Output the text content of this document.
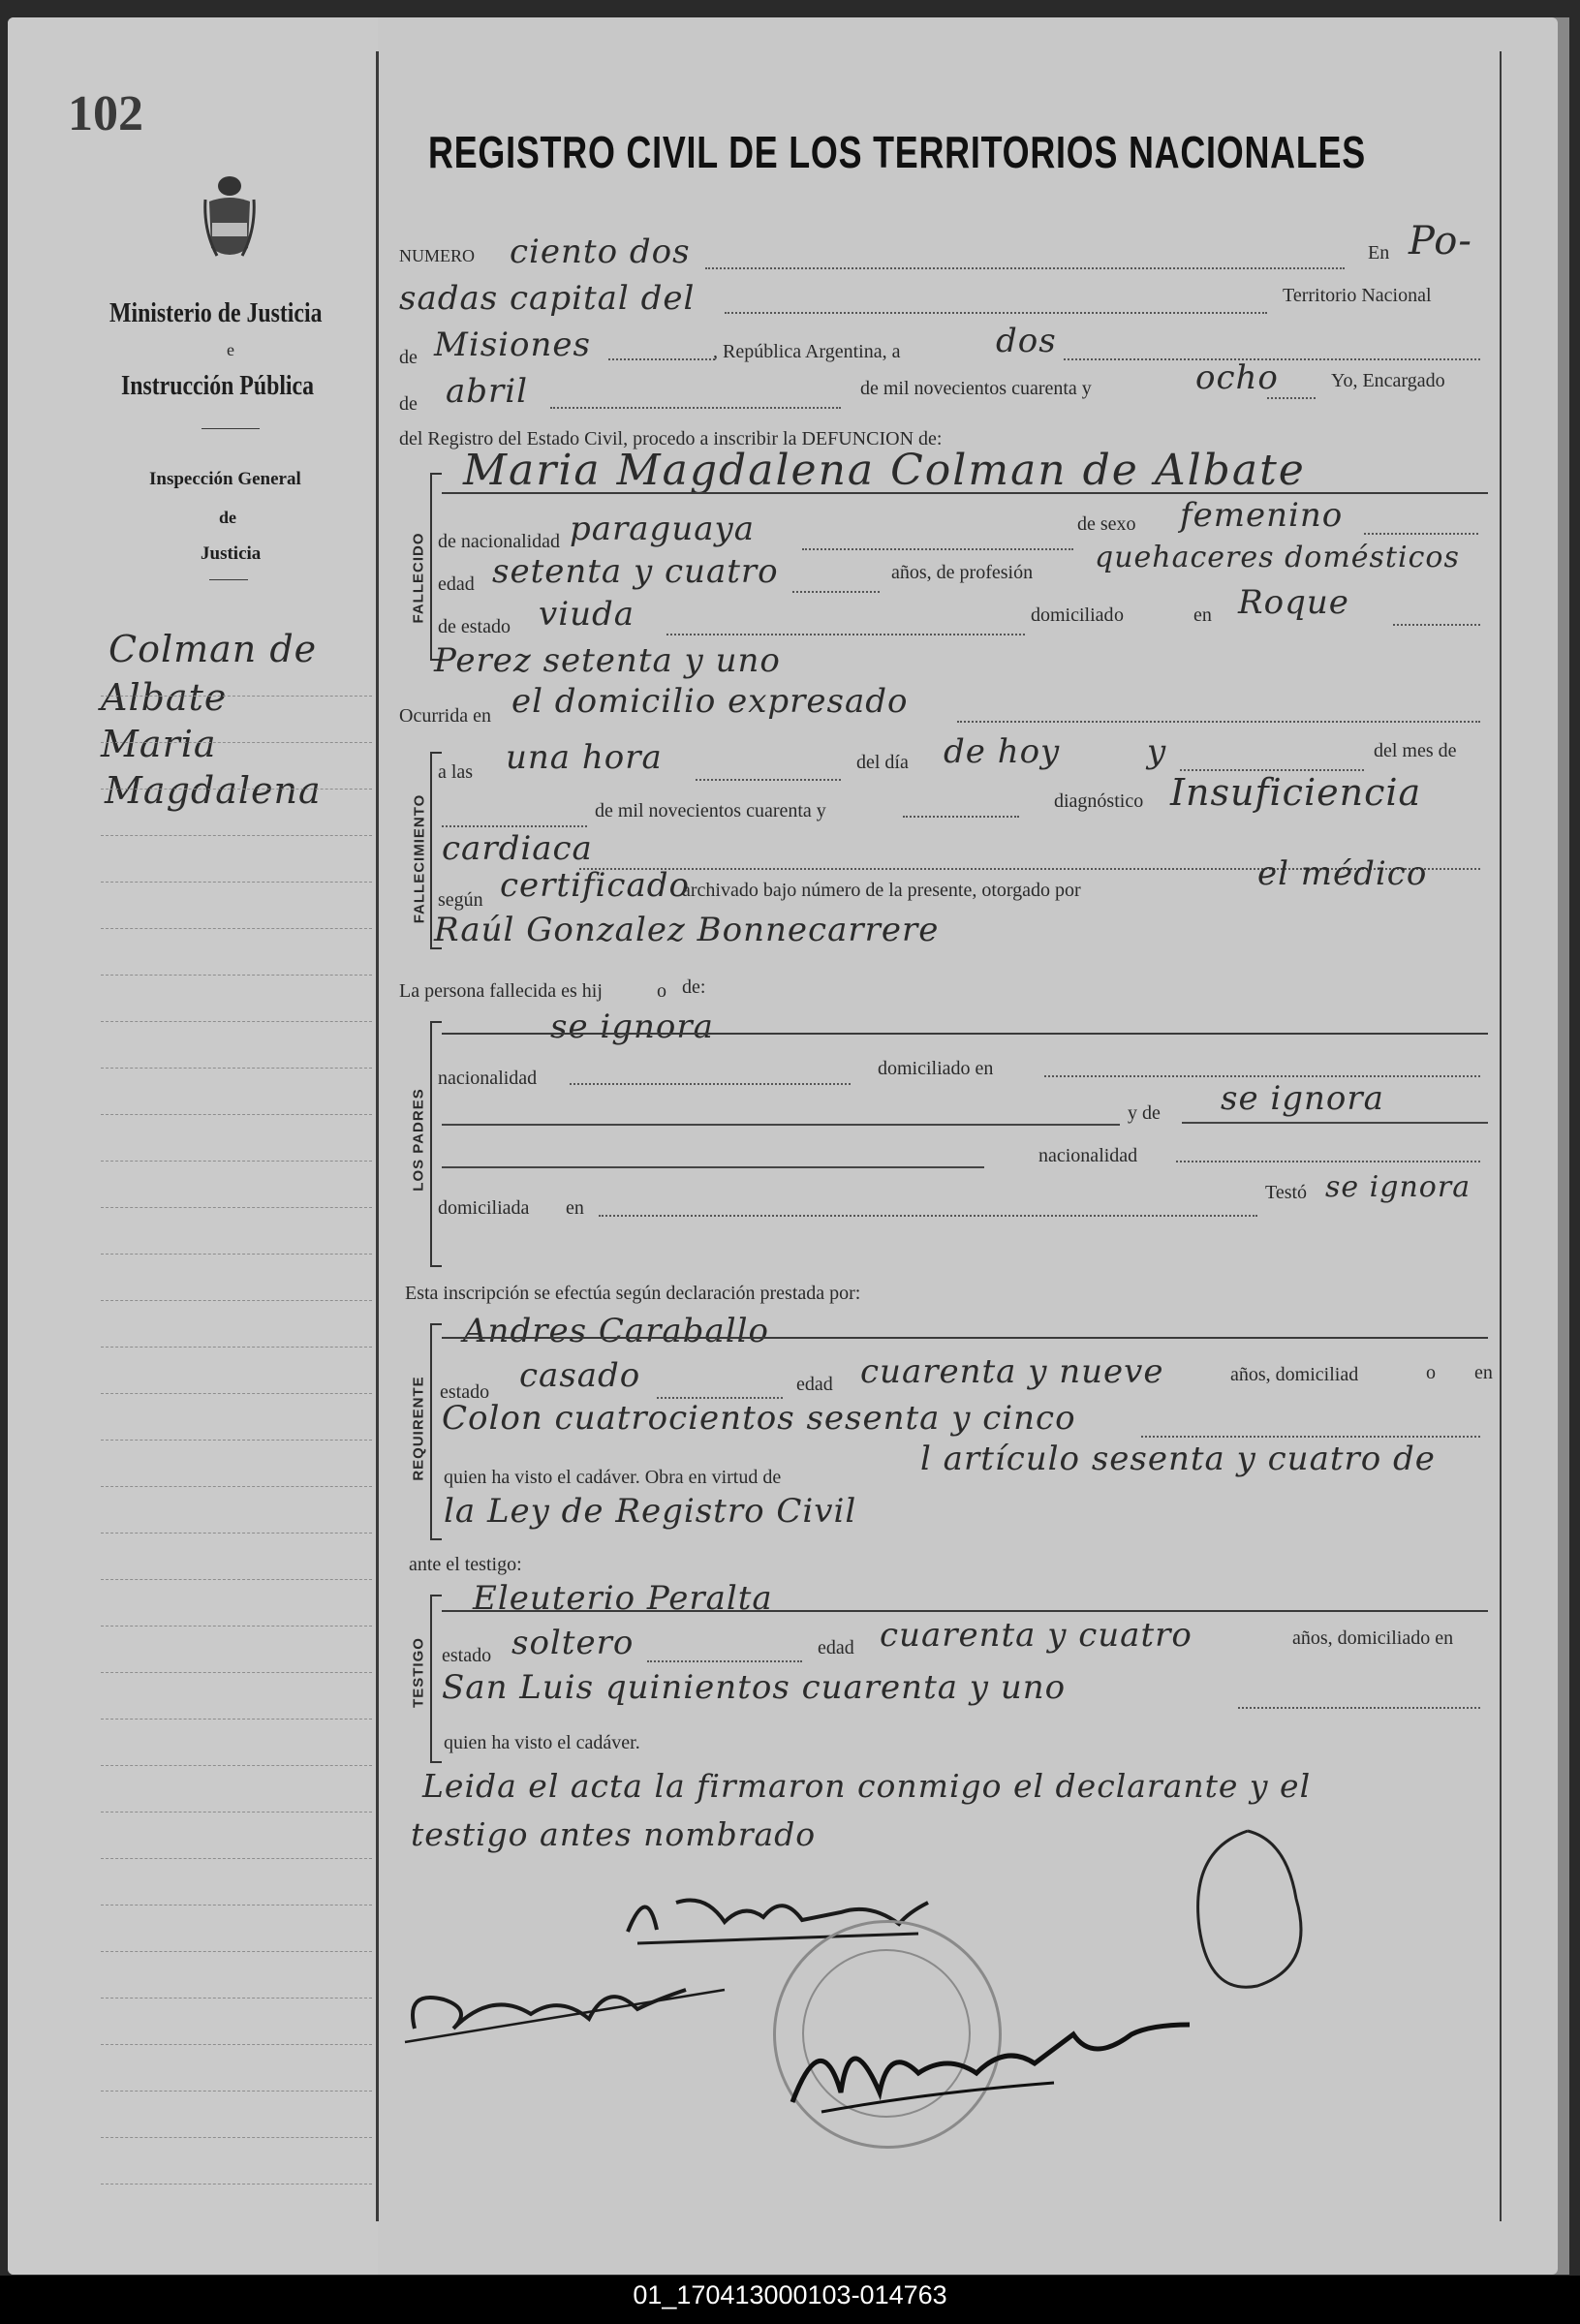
102
Ministerio de Justicia
e
Instrucción Pública
Inspección General
de
Justicia
Colman de
Albate
Maria
Magdalena
REGISTRO CIVIL DE LOS TERRITORIOS NACIONALES
NUMERO ciento dos	En Po-
sadas capital del	Territorio Nacional
de Misiones	, República Argentina, a	dos
de abril	de mil novecientos cuarenta y	ocho	Yo, Encargado
del Registro del Estado Civil, procedo a inscribir la DEFUNCION de:
FALLECIDO
Maria Magdalena Colman de Albate
de nacionalidad paraguaya	de sexo femenino
edad setenta y cuatro	años, de profesión quehaceres domésticos
de estado viuda	domiciliad o	en Roque
Perez setenta y uno
Ocurrida en el domicilio expresado
FALLECIMIENTO
a las una hora	del día de hoy	y	del mes de
de mil novecientos cuarenta y	diagnóstico Insuficiencia
cardiaca
según certificado
archivado bajo número de la presente, otorgado por	el médico
Raúl Gonzalez Bonnecarrere
La persona fallecida es hij	o de:
LOS PADRES
se ignora
nacionalidad	domiciliado en
y de se ignora
nacionalidad
domiciliada en
Testó se ignora
Esta inscripción se efectúa según declaración prestada por:
REQUIRENTE
Andres Caraballo
estado casado	edad cuarenta y nueve	años, domiciliad	o en
Colon cuatrocientos sesenta y cinco
quien ha visto el cadáver. Obra en virtud de	l artículo sesenta y cuatro de
la Ley de Registro Civil
ante el testigo:
TESTIGO
Eleuterio Peralta
estado soltero	edad cuarenta y cuatro	años, domiciliado en
San Luis quinientos cuarenta y uno
quien ha visto el cadáver.
Leida el acta la firmaron conmigo el declarante y el
testigo antes nombrado
01_170413000103-014763
